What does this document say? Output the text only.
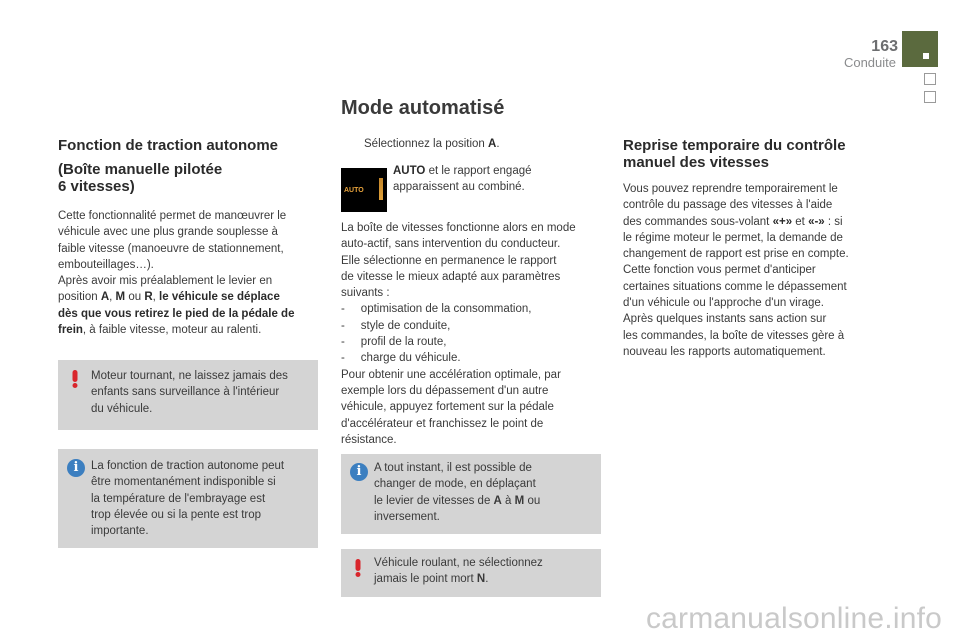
163
Conduite
Mode automatisé
Fonction de traction autonome
(Boîte manuelle pilotée
6 vitesses)
Cette fonctionnalité permet de manœuvrer le
véhicule avec une plus grande souplesse à
faible vitesse (manoeuvre de stationnement,
embouteillages…).
Après avoir mis préalablement le levier en
position A, M ou R, le véhicule se déplace
dès que vous retirez le pied de la pédale de
frein, à faible vitesse, moteur au ralenti.
Moteur tournant, ne laissez jamais des
enfants sans surveillance à l'intérieur
du véhicule.
i	La fonction de traction autonome peut
être momentanément indisponible si
la température de l'embrayage est
trop élevée ou si la pente est trop
importante.
Sélectionnez la position A.
AUTO
AUTO et le rapport engagé
apparaissent au combiné.
La boîte de vitesses fonctionne alors en mode
auto-actif, sans intervention du conducteur.
Elle sélectionne en permanence le rapport
de vitesse le mieux adapté aux paramètres
suivants :
-     optimisation de la consommation,
-     style de conduite,
-     profil de la route,
-     charge du véhicule.
Pour obtenir une accélération optimale, par
exemple lors du dépassement d'un autre
véhicule, appuyez fortement sur la pédale
d'accélérateur et franchissez le point de
résistance.
i	A tout instant, il est possible de
changer de mode, en déplaçant
le levier de vitesses de A à M ou
inversement.
Véhicule roulant, ne sélectionnez
jamais le point mort N.
Reprise temporaire du contrôle
manuel des vitesses
Vous pouvez reprendre temporairement le
contrôle du passage des vitesses à l'aide
des commandes sous-volant «+» et «-» : si
le régime moteur le permet, la demande de
changement de rapport est prise en compte.
Cette fonction vous permet d'anticiper
certaines situations comme le dépassement
d'un véhicule ou l'approche d'un virage.
Après quelques instants sans action sur
les commandes, la boîte de vitesses gère à
nouveau les rapports automatiquement.
carmanualsonline.info
